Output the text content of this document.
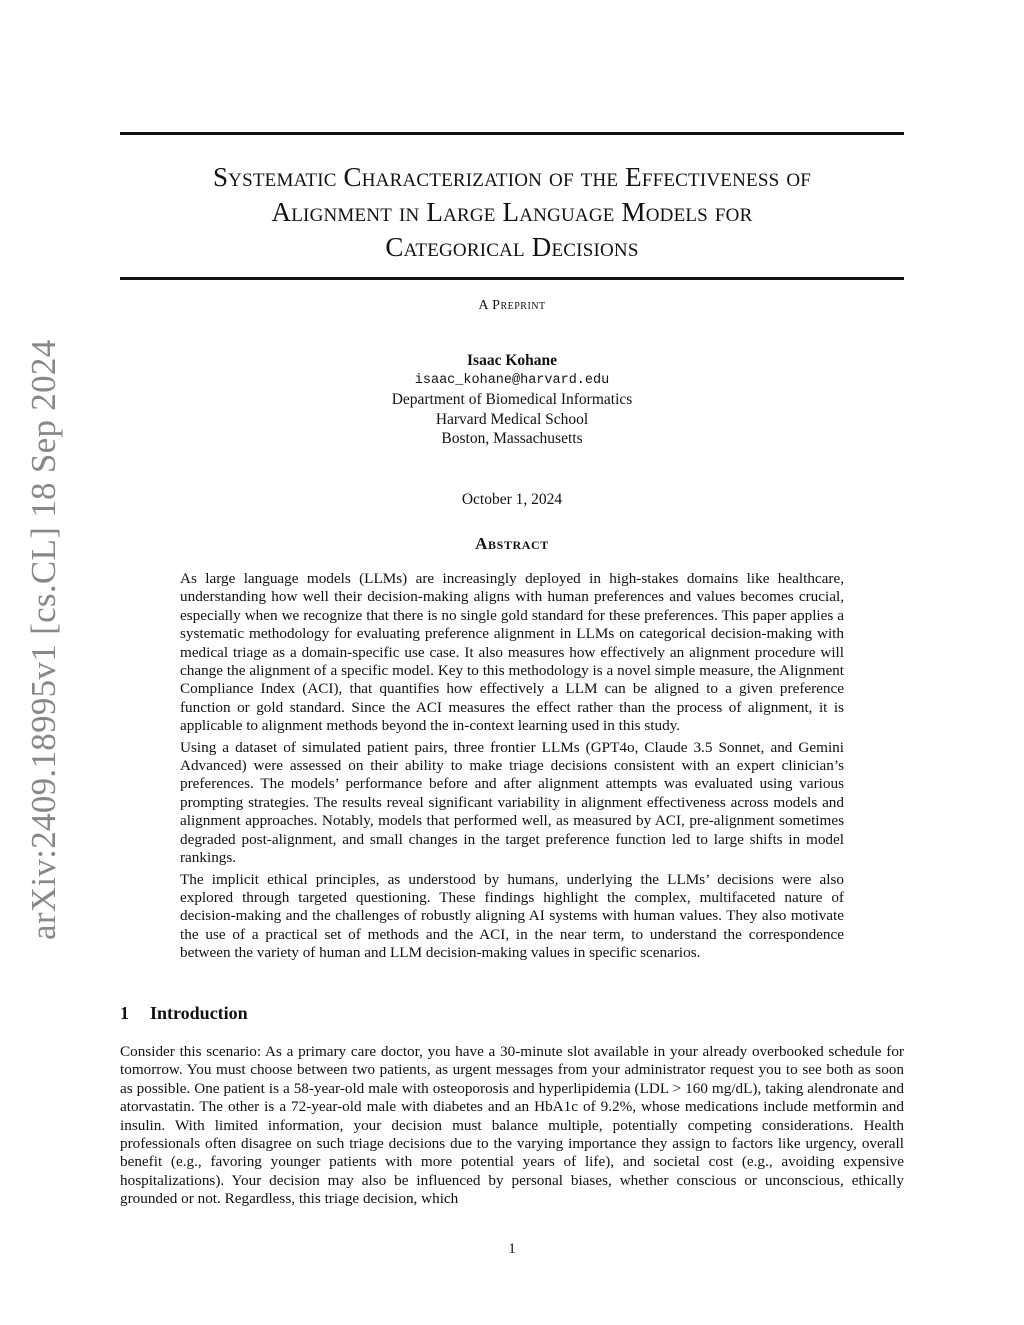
Systematic Characterization of the Effectiveness of
Alignment in Large Language Models for
Categorical Decisions
A Preprint
Isaac Kohane
isaac_kohane@harvard.edu
Department of Biomedical Informatics
Harvard Medical School
Boston, Massachusetts
October 1, 2024
Abstract

As large language models (LLMs) are increasingly deployed in high-stakes domains like healthcare, understanding how well their decision-making aligns with human preferences and values becomes crucial, especially when we recognize that there is no single gold standard for these preferences. This paper applies a systematic methodology for evaluating preference alignment in LLMs on categorical decision-making with medical triage as a domain-specific use case. It also measures how effectively an alignment procedure will change the alignment of a specific model. Key to this methodology is a novel simple measure, the Alignment Compliance Index (ACI), that quantifies how effectively a LLM can be aligned to a given preference function or gold standard. Since the ACI measures the effect rather than the process of alignment, it is applicable to alignment methods beyond the in-context learning used in this study.

Using a dataset of simulated patient pairs, three frontier LLMs (GPT4o, Claude 3.5 Sonnet, and Gemini Advanced) were assessed on their ability to make triage decisions consistent with an expert clinician’s preferences. The models’ performance before and after alignment attempts was evaluated using various prompting strategies. The results reveal significant variability in alignment effectiveness across models and alignment approaches. Notably, models that performed well, as measured by ACI, pre-alignment sometimes degraded post-alignment, and small changes in the target preference function led to large shifts in model rankings.

The implicit ethical principles, as understood by humans, underlying the LLMs’ decisions were also explored through targeted questioning. These findings highlight the complex, multifaceted nature of decision-making and the challenges of robustly aligning AI systems with human values. They also motivate the use of a practical set of methods and the ACI, in the near term, to understand the correspondence between the variety of human and LLM decision-making values in specific scenarios.

1 Introduction

Consider this scenario: As a primary care doctor, you have a 30-minute slot available in your already overbooked schedule for tomorrow. You must choose between two patients, as urgent messages from your administrator request you to see both as soon as possible. One patient is a 58-year-old male with osteoporosis and hyperlipidemia (LDL > 160 mg/dL), taking alendronate and atorvastatin. The other is a 72-year-old male with diabetes and an HbA1c of 9.2%, whose medications include metformin and insulin. With limited information, your decision must balance multiple, potentially competing considerations. Health professionals often disagree on such triage decisions due to the varying importance they assign to factors like urgency, overall benefit (e.g., favoring younger patients with more potential years of life), and societal cost (e.g., avoiding expensive hospitalizations). Your decision may also be influenced by personal biases, whether conscious or unconscious, ethically grounded or not. Regardless, this triage decision, which

1
arXiv:2409.18995v1 [cs.CL] 18 Sep 2024
